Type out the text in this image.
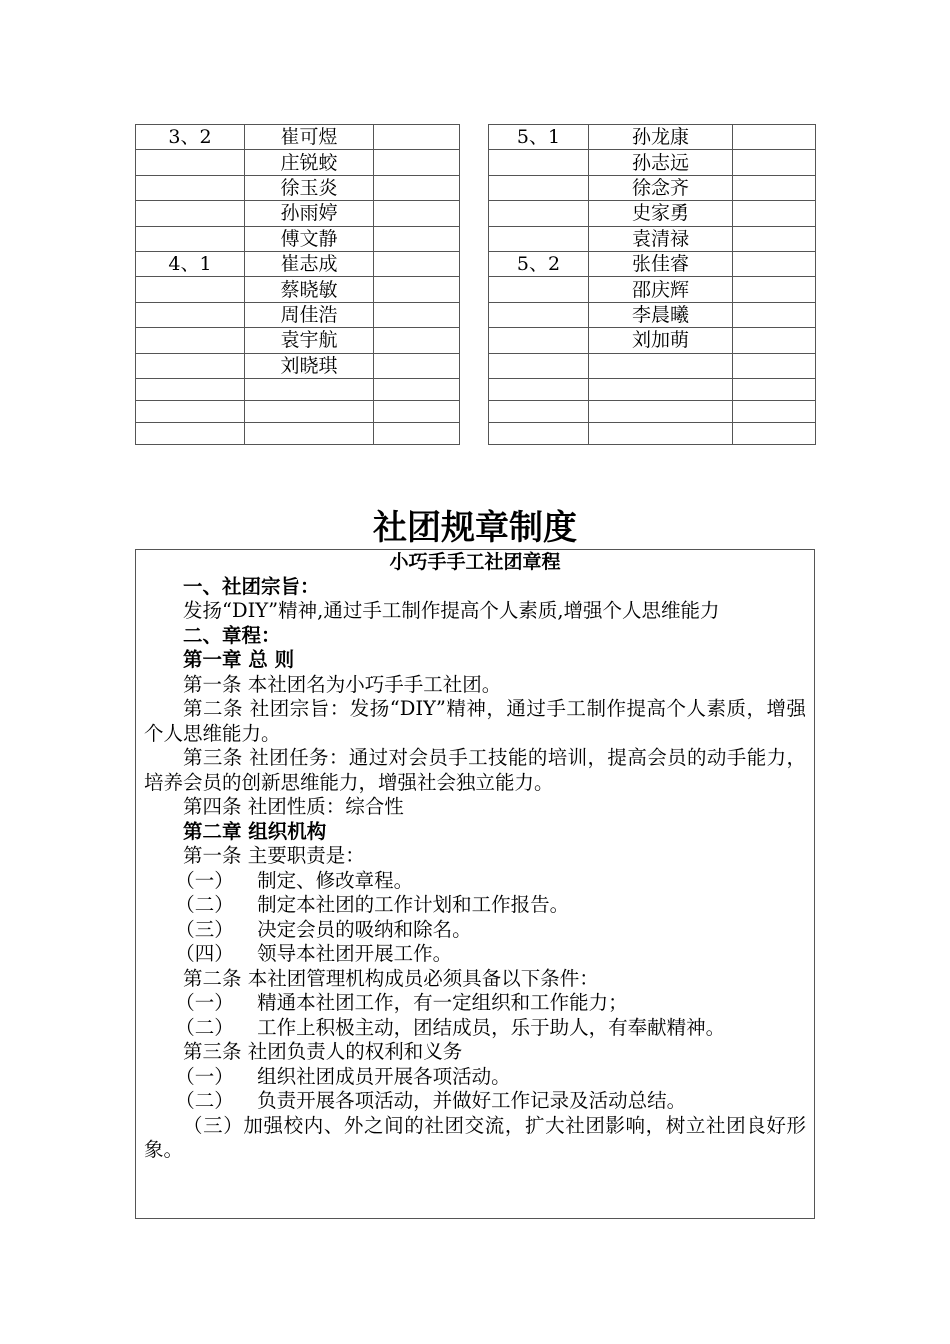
3、2	崔可煜			5、1	孙龙康	
	庄锐蛟				孙志远	
	徐玉炎				徐念齐	
	孙雨婷				史家勇	
	傅文静				袁清禄	
4、1	崔志成			5、2	张佳睿	
	蔡晓敏				邵庆辉	
	周佳浩				李晨曦	
	袁宇航				刘加萌	
	刘晓琪					

社团规章制度
小巧手手工社团章程

一、社团宗旨：

发扬“DIY”精神,通过手工制作提高个人素质,增强个人思维能力

二、章程：

第一章 总 则

第一条 本社团名为小巧手手工社团。

第二条 社团宗旨：发扬“DIY”精神，通过手工制作提高个人素质，增强个人思维能力。

第三条 社团任务：通过对会员手工技能的培训，提高会员的动手能力，培养会员的创新思维能力，增强社会独立能力。

第四条 社团性质：综合性

第二章 组织机构

第一条 主要职责是：

（一） 制定、修改章程。

（二） 制定本社团的工作计划和工作报告。

（三） 决定会员的吸纳和除名。

（四） 领导本社团开展工作。

第二条 本社团管理机构成员必须具备以下条件：

（一） 精通本社团工作，有一定组织和工作能力；

（二） 工作上积极主动，团结成员，乐于助人，有奉献精神。

第三条 社团负责人的权利和义务

（一） 组织社团成员开展各项活动。

（二） 负责开展各项活动，并做好工作记录及活动总结。

（三）加强校内、外之间的社团交流，扩大社团影响，树立社团良好形象。
